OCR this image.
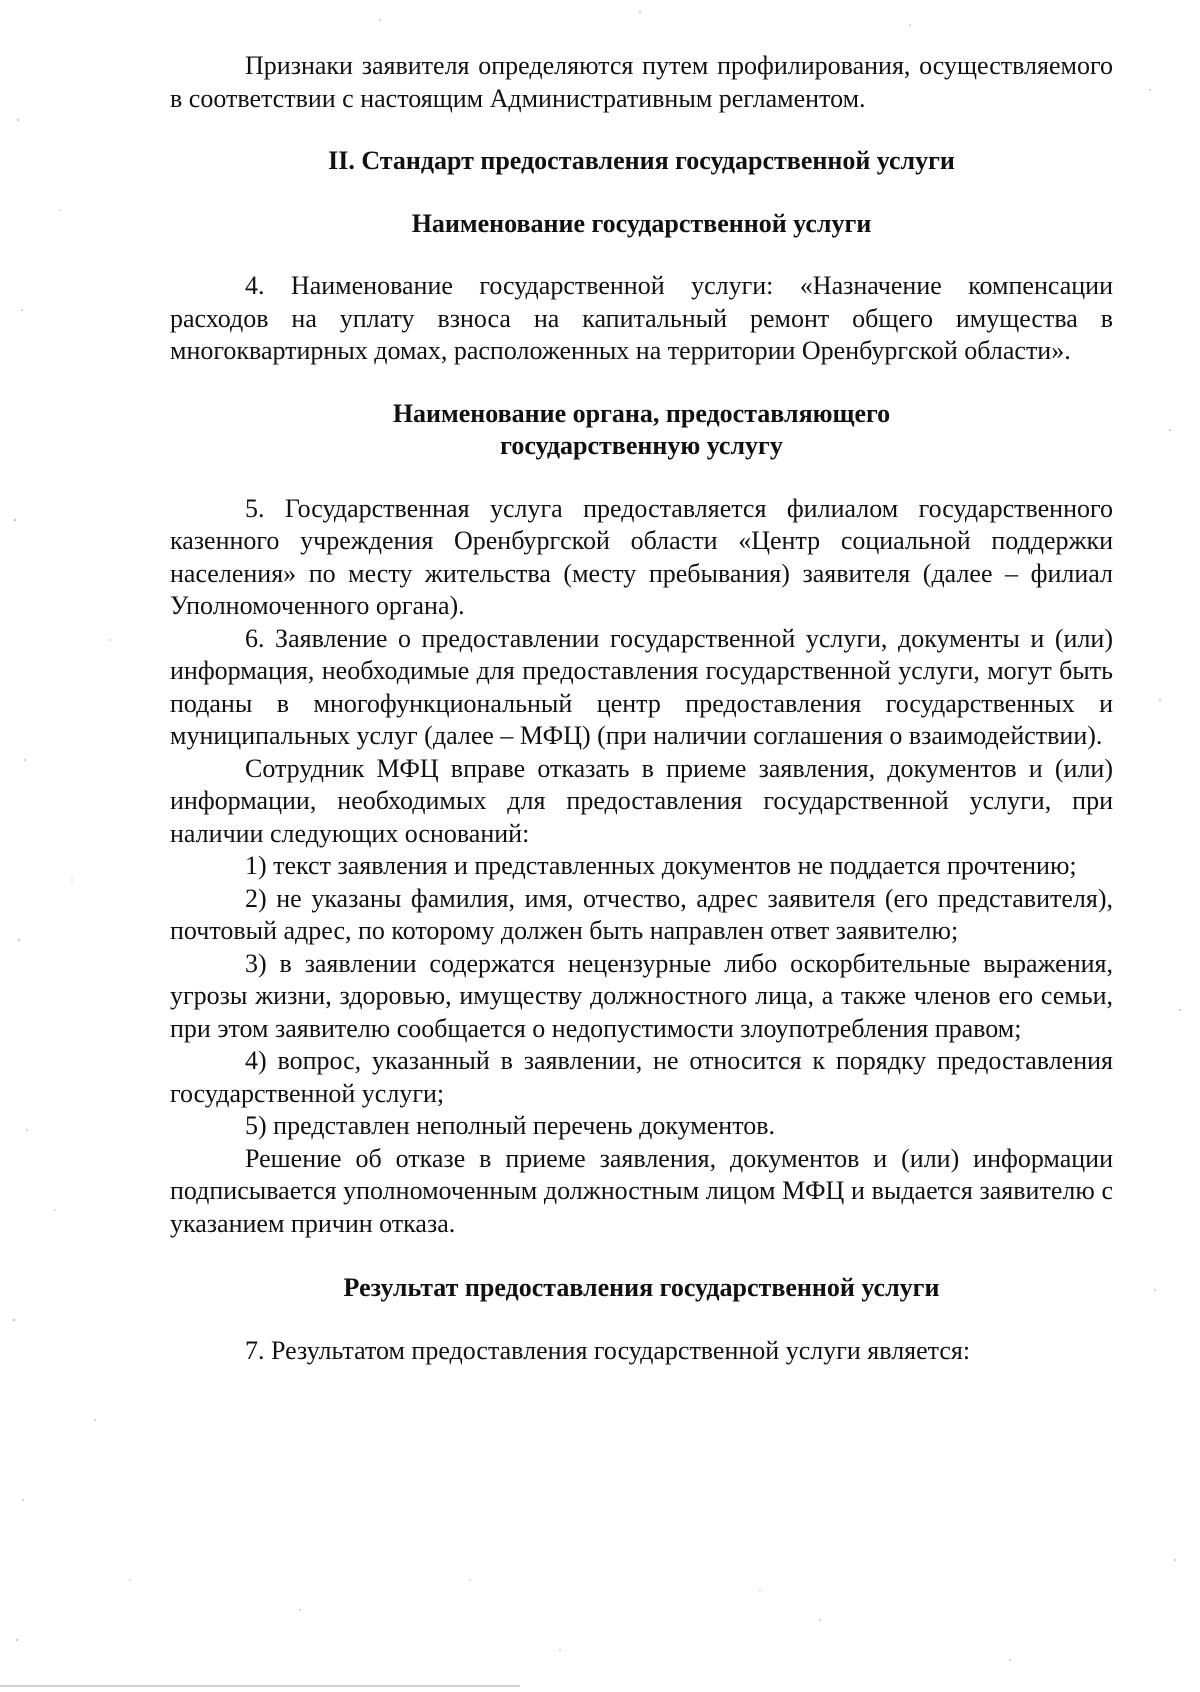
Признаки заявителя определяются путем профилирования, осуществляемого в соответствии с настоящим Административным регламентом.

II. Стандарт предоставления государственной услуги

Наименование государственной услуги

4. Наименование государственной услуги: «Назначение компенсации расходов на уплату взноса на капитальный ремонт общего имущества в многоквартирных домах, расположенных на территории Оренбургской области».

Наименование органа, предоставляющего
государственную услугу

5. Государственная услуга предоставляется филиалом государственного казенного учреждения Оренбургской области «Центр социальной поддержки населения» по месту жительства (месту пребывания) заявителя (далее – филиал Уполномоченного органа).

6. Заявление о предоставлении государственной услуги, документы и (или) информация, необходимые для предоставления государственной услуги, могут быть поданы в многофункциональный центр предоставления государственных и муниципальных услуг (далее – МФЦ) (при наличии соглашения о взаимодействии).

Сотрудник МФЦ вправе отказать в приеме заявления, документов и (или) информации, необходимых для предоставления государственной услуги, при наличии следующих оснований:

1) текст заявления и представленных документов не поддается прочтению;

2) не указаны фамилия, имя, отчество, адрес заявителя (его представителя), почтовый адрес, по которому должен быть направлен ответ заявителю;

3) в заявлении содержатся нецензурные либо оскорбительные выражения, угрозы жизни, здоровью, имуществу должностного лица, а также членов его семьи, при этом заявителю сообщается о недопустимости злоупотребления правом;

4) вопрос, указанный в заявлении, не относится к порядку предоставления государственной услуги;

5) представлен неполный перечень документов.

Решение об отказе в приеме заявления, документов и (или) информации подписывается уполномоченным должностным лицом МФЦ и выдается заявителю с указанием причин отказа.

Результат предоставления государственной услуги

7. Результатом предоставления государственной услуги является:
